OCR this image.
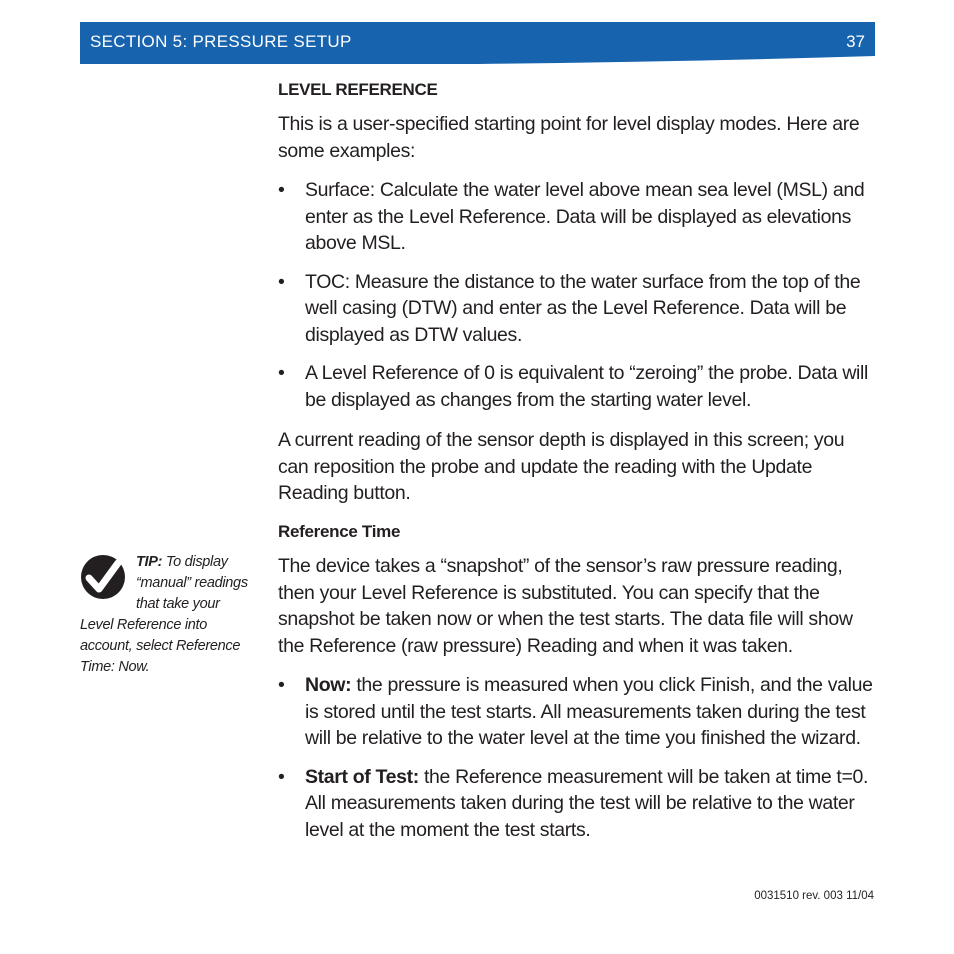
SECTION 5: PRESSURE SETUP	37
LEVEL REFERENCE

This is a user-specified starting point for level display modes. Here are some examples:

• Surface: Calculate the water level above mean sea level (MSL) and enter as the Level Reference. Data will be displayed as elevations above MSL.
• TOC: Measure the distance to the water surface from the top of the well casing (DTW) and enter as the Level Reference. Data will be displayed as DTW values.
• A Level Reference of 0 is equivalent to “zeroing” the probe. Data will be displayed as changes from the starting water level.

A current reading of the sensor depth is displayed in this screen; you can reposition the probe and update the reading with the Update Reading button.

Reference Time

The device takes a “snapshot” of the sensor’s raw pressure reading, then your Level Reference is substituted. You can specify that the snapshot be taken now or when the test starts. The data file will show the Reference (raw pressure) Reading and when it was taken.

• Now: the pressure is measured when you click Finish, and the value is stored until the test starts. All measurements taken during the test will be relative to the water level at the time you finished the wizard.
• Start of Test: the Reference measurement will be taken at time t=0. All measurements taken during the test will be relative to the water level at the moment the test starts.
TIP: To display
“manual” readings
that take your
Level Reference into
account, select Reference
Time: Now.
0031510 rev. 003 11/04
